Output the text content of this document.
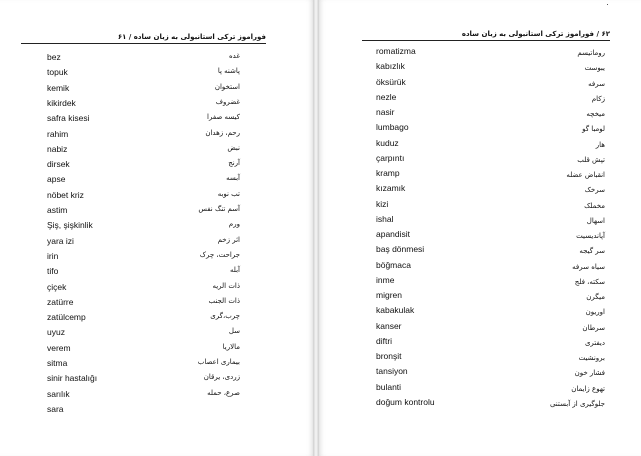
فوراموز ترکی استانبولی به زبان ساده / ۶۱	۶۲ / فوراموز ترکی استانبولی به زبان ساده
bez	غده
topuk	پاشنه پا
kemik	استخوان
kikirdek	غضروف
safra kisesi	کیسه صفرا
rahim	رحم، زهدان
nabiz	نبض
dirsek	آرنج
apse	آبسه
nöbet kriz	تب نوبه
astim	آسم تنگ نفس
Şiş, şişkinlik	ورم
yara izi	اثر زخم
irin	جراحت، چرک
tifo	آبله
çiçek	ذات الریه
zatürre	ذات الجنب
zatülcemp	چرب،گری
uyuz	سل
verem	مالاریا
sitma	بیماری اعصاب
sinir hastalığı	زردی، یرقان
sarılık	صرع، حمله
sara
romatizma	روماتیسم
kabızlık	یبوست
öksürük	سرفه
nezle	زکام
nasir	میخچه
lumbago	لومبا گو
kuduz	هار
çarpıntı	تپش قلب
kramp	انقباض عضله
kızamık	سرخک
kizi	مخملک
ishal	اسهال
apandisit	آپاندیسیت
baş dönmesi	سر گیجه
böğmaca	سیاه سرفه
inme	سکته، فلج
migren	میگرن
kabakulak	اوریون
kanser	سرطان
diftri	دیفتری
bronşit	برونشیت
tansiyon	فشار خون
bulanti	تهوع زایمان
doğum kontrolu	جلوگیری از آبستنی
